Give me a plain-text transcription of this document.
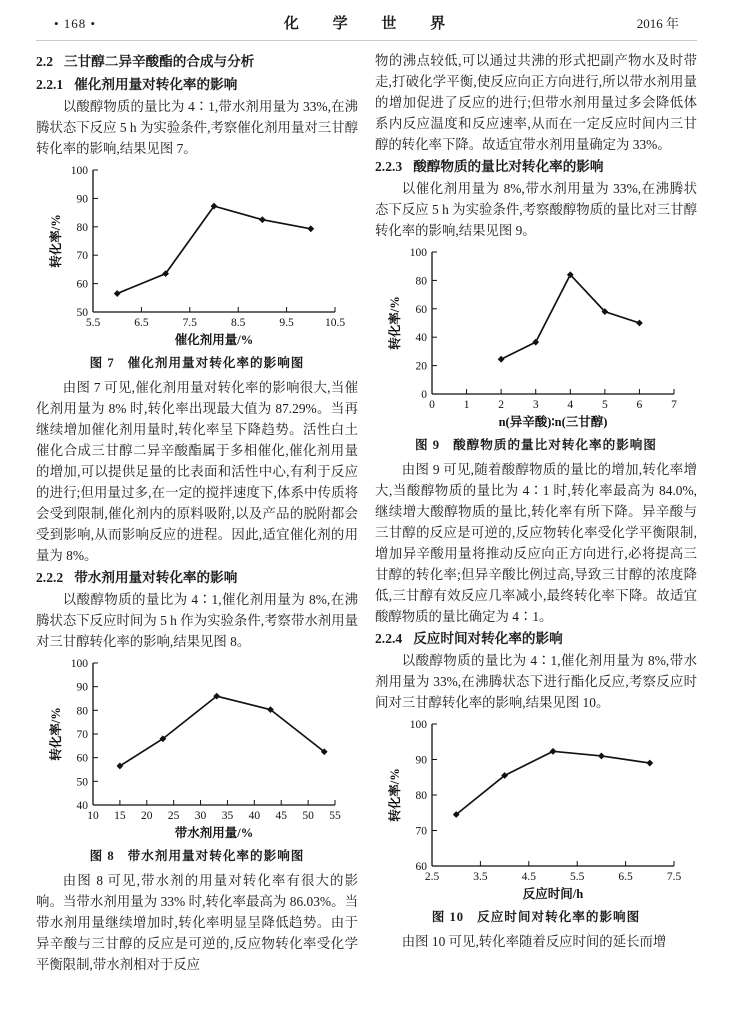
• 168 •	化 学 世 界	2016 年
2.2 三甘醇二异辛酸酯的合成与分析
2.2.1 催化剂用量对转化率的影响

以酸醇物质的量比为 4∶1,带水剂用量为 33%,在沸腾状态下反应 5 h 为实验条件,考察催化剂用量对三甘醇转化率的影响,结果见图 7。

50
60
70
80
90
100
5.5	6.5	7.5	8.5	9.5	10.5
催化剂用量/%
转化率/%
图 7 催化剂用量对转化率的影响图

由图 7 可见,催化剂用量对转化率的影响很大,当催化剂用量为 8% 时,转化率出现最大值为 87.29%。当再继续增加催化剂用量时,转化率呈下降趋势。活性白土催化合成三甘醇二异辛酸酯属于多相催化,催化剂用量的增加,可以提供足量的比表面和活性中心,有利于反应的进行;但用量过多,在一定的搅拌速度下,体系中传质将会受到限制,催化剂内的原料吸附,以及产品的脱附都会受到影响,从而影响反应的进程。因此,适宜催化剂的用量为 8%。

2.2.2 带水剂用量对转化率的影响

以酸醇物质的量比为 4∶1,催化剂用量为 8%,在沸腾状态下反应时间为 5 h 作为实验条件,考察带水剂用量对三甘醇转化率的影响,结果见图 8。

40
50
60
70
80
90
100
10 15 20 25 30 35 40 45 50 55
带水剂用量/%
转化率/%
图 8 带水剂用量对转化率的影响图

由图 8 可见,带水剂的用量对转化率有很大的影响。当带水剂用量为 33% 时,转化率最高为 86.03%。当带水剂用量继续增加时,转化率明显呈降低趋势。由于异辛酸与三甘醇的反应是可逆的,反应物转化率受化学平衡限制,带水剂相对于反应

物的沸点较低,可以通过共沸的形式把副产物水及时带走,打破化学平衡,使反应向正方向进行,所以带水剂用量的增加促进了反应的进行;但带水剂用量过多会降低体系内反应温度和反应速率,从而在一定反应时间内三甘醇的转化率下降。故适宜带水剂用量确定为 33%。

2.2.3 酸醇物质的量比对转化率的影响

以催化剂用量为 8%,带水剂用量为 33%,在沸腾状态下反应 5 h 为实验条件,考察酸醇物质的量比对三甘醇转化率的影响,结果见图 9。

0
20
40
60
80
100
0	1	2	3	4	5	6	7
n(异辛酸)∶n(三甘醇)
转化率/%
图 9 酸醇物质的量比对转化率的影响图

由图 9 可见,随着酸醇物质的量比的增加,转化率增大,当酸醇物质的量比为 4∶1 时,转化率最高为 84.0%,继续增大酸醇物质的量比,转化率有所下降。异辛酸与三甘醇的反应是可逆的,反应物转化率受化学平衡限制,增加异辛酸用量将推动反应向正方向进行,必将提高三甘醇的转化率;但异辛酸比例过高,导致三甘醇的浓度降低,三甘醇有效反应几率减小,最终转化率下降。故适宜酸醇物质的量比确定为 4∶1。

2.2.4 反应时间对转化率的影响

以酸醇物质的量比为 4∶1,催化剂用量为 8%,带水剂用量为 33%,在沸腾状态下进行酯化反应,考察反应时间对三甘醇转化率的影响,结果见图 10。

60
70
80
90
100
2.5	3.5	4.5	5.5	6.5	7.5
反应时间/h
转化率/%
图 10 反应时间对转化率的影响图

由图 10 可见,转化率随着反应时间的延长而增
